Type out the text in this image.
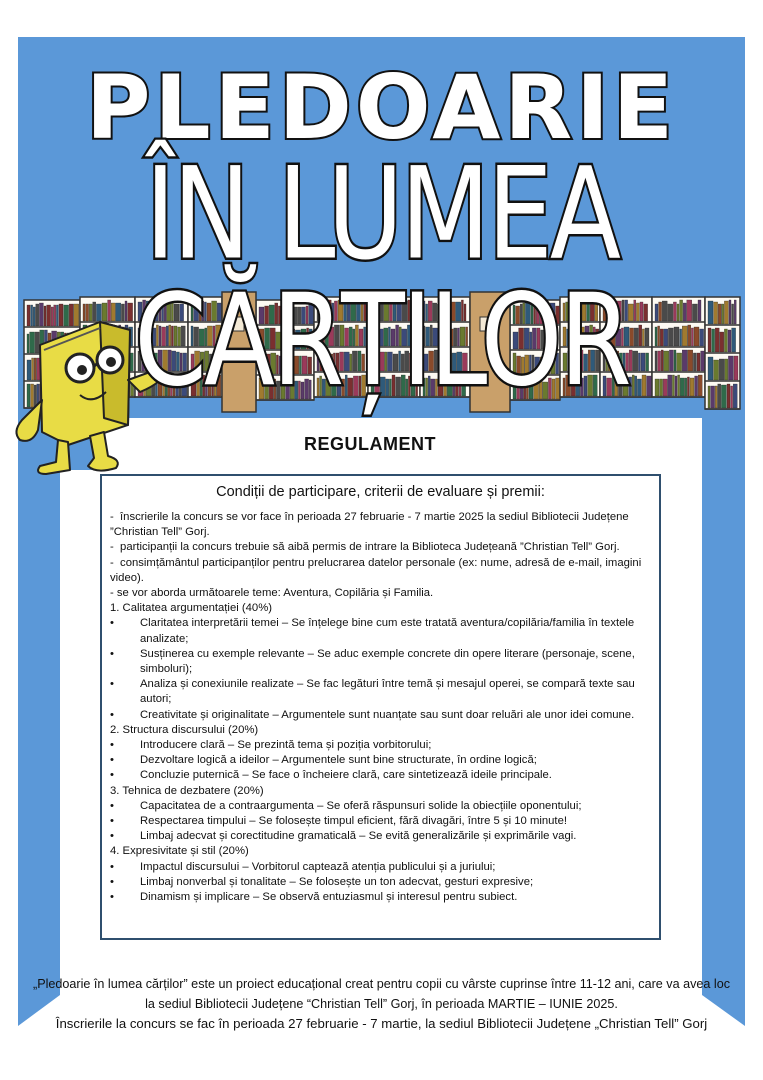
PLEDOARIE
ÎN LUMEA CĂRȚILOR
REGULAMENT
Condiții de participare, criterii de evaluare și premii:
-  înscrierile la concurs se vor face în perioada 27 februarie - 7 martie 2025 la sediul Bibliotecii Județene ”Christian Tell” Gorj.
-  participanții la concurs trebuie să aibă permis de intrare la Biblioteca Județeană ”Christian Tell” Gorj.
-  consimțământul participanților pentru prelucrarea datelor personale (ex: nume, adresă de e-mail, imagini video).
- se vor aborda următoarele teme: Aventura, Copilăria și Familia.
1. Calitatea argumentației (40%)
•	Claritatea interpretării temei – Se înțelege bine cum este tratată aventura/copilăria/familia în textele analizate;
•	Susținerea cu exemple relevante – Se aduc exemple concrete din opere literare (personaje, scene, simboluri);
•	Analiza și conexiunile realizate – Se fac legături între temă și mesajul operei, se compară texte sau autori;
•	Creativitate și originalitate – Argumentele sunt nuanțate sau sunt doar reluări ale unor idei comune.
2. Structura discursului (20%)
•	Introducere clară – Se prezintă tema și poziția vorbitorului;
•	Dezvoltare logică a ideilor – Argumentele sunt bine structurate, în ordine logică;
•	Concluzie puternică – Se face o încheiere clară, care sintetizează ideile principale.
3. Tehnica de dezbatere (20%)
•	Capacitatea de a contraargumenta – Se oferă răspunsuri solide la obiecțiile oponentului;
•	Respectarea timpului – Se folosește timpul eficient, fără divagări, între 5 și 10 minute!
•	Limbaj adecvat și corectitudine gramaticală – Se evită generalizările și exprimările vagi.
4. Expresivitate și stil (20%)
•	Impactul discursului – Vorbitorul captează atenția publicului și a juriului;
•	Limbaj nonverbal și tonalitate – Se folosește un ton adecvat, gesturi expresive;
•	Dinamism și implicare – Se observă entuziasmul și interesul pentru subiect.
„Pledoarie în lumea cărților” este un proiect educațional creat pentru copii cu vârste cuprinse între 11-12 ani, care va avea loc
la sediul Bibliotecii Județene “Christian Tell” Gorj, în perioada MARTIE – IUNIE 2025.
Înscrierile la concurs se fac în perioada 27 februarie - 7 martie, la sediul Bibliotecii Județene „Christian Tell” Gorj
